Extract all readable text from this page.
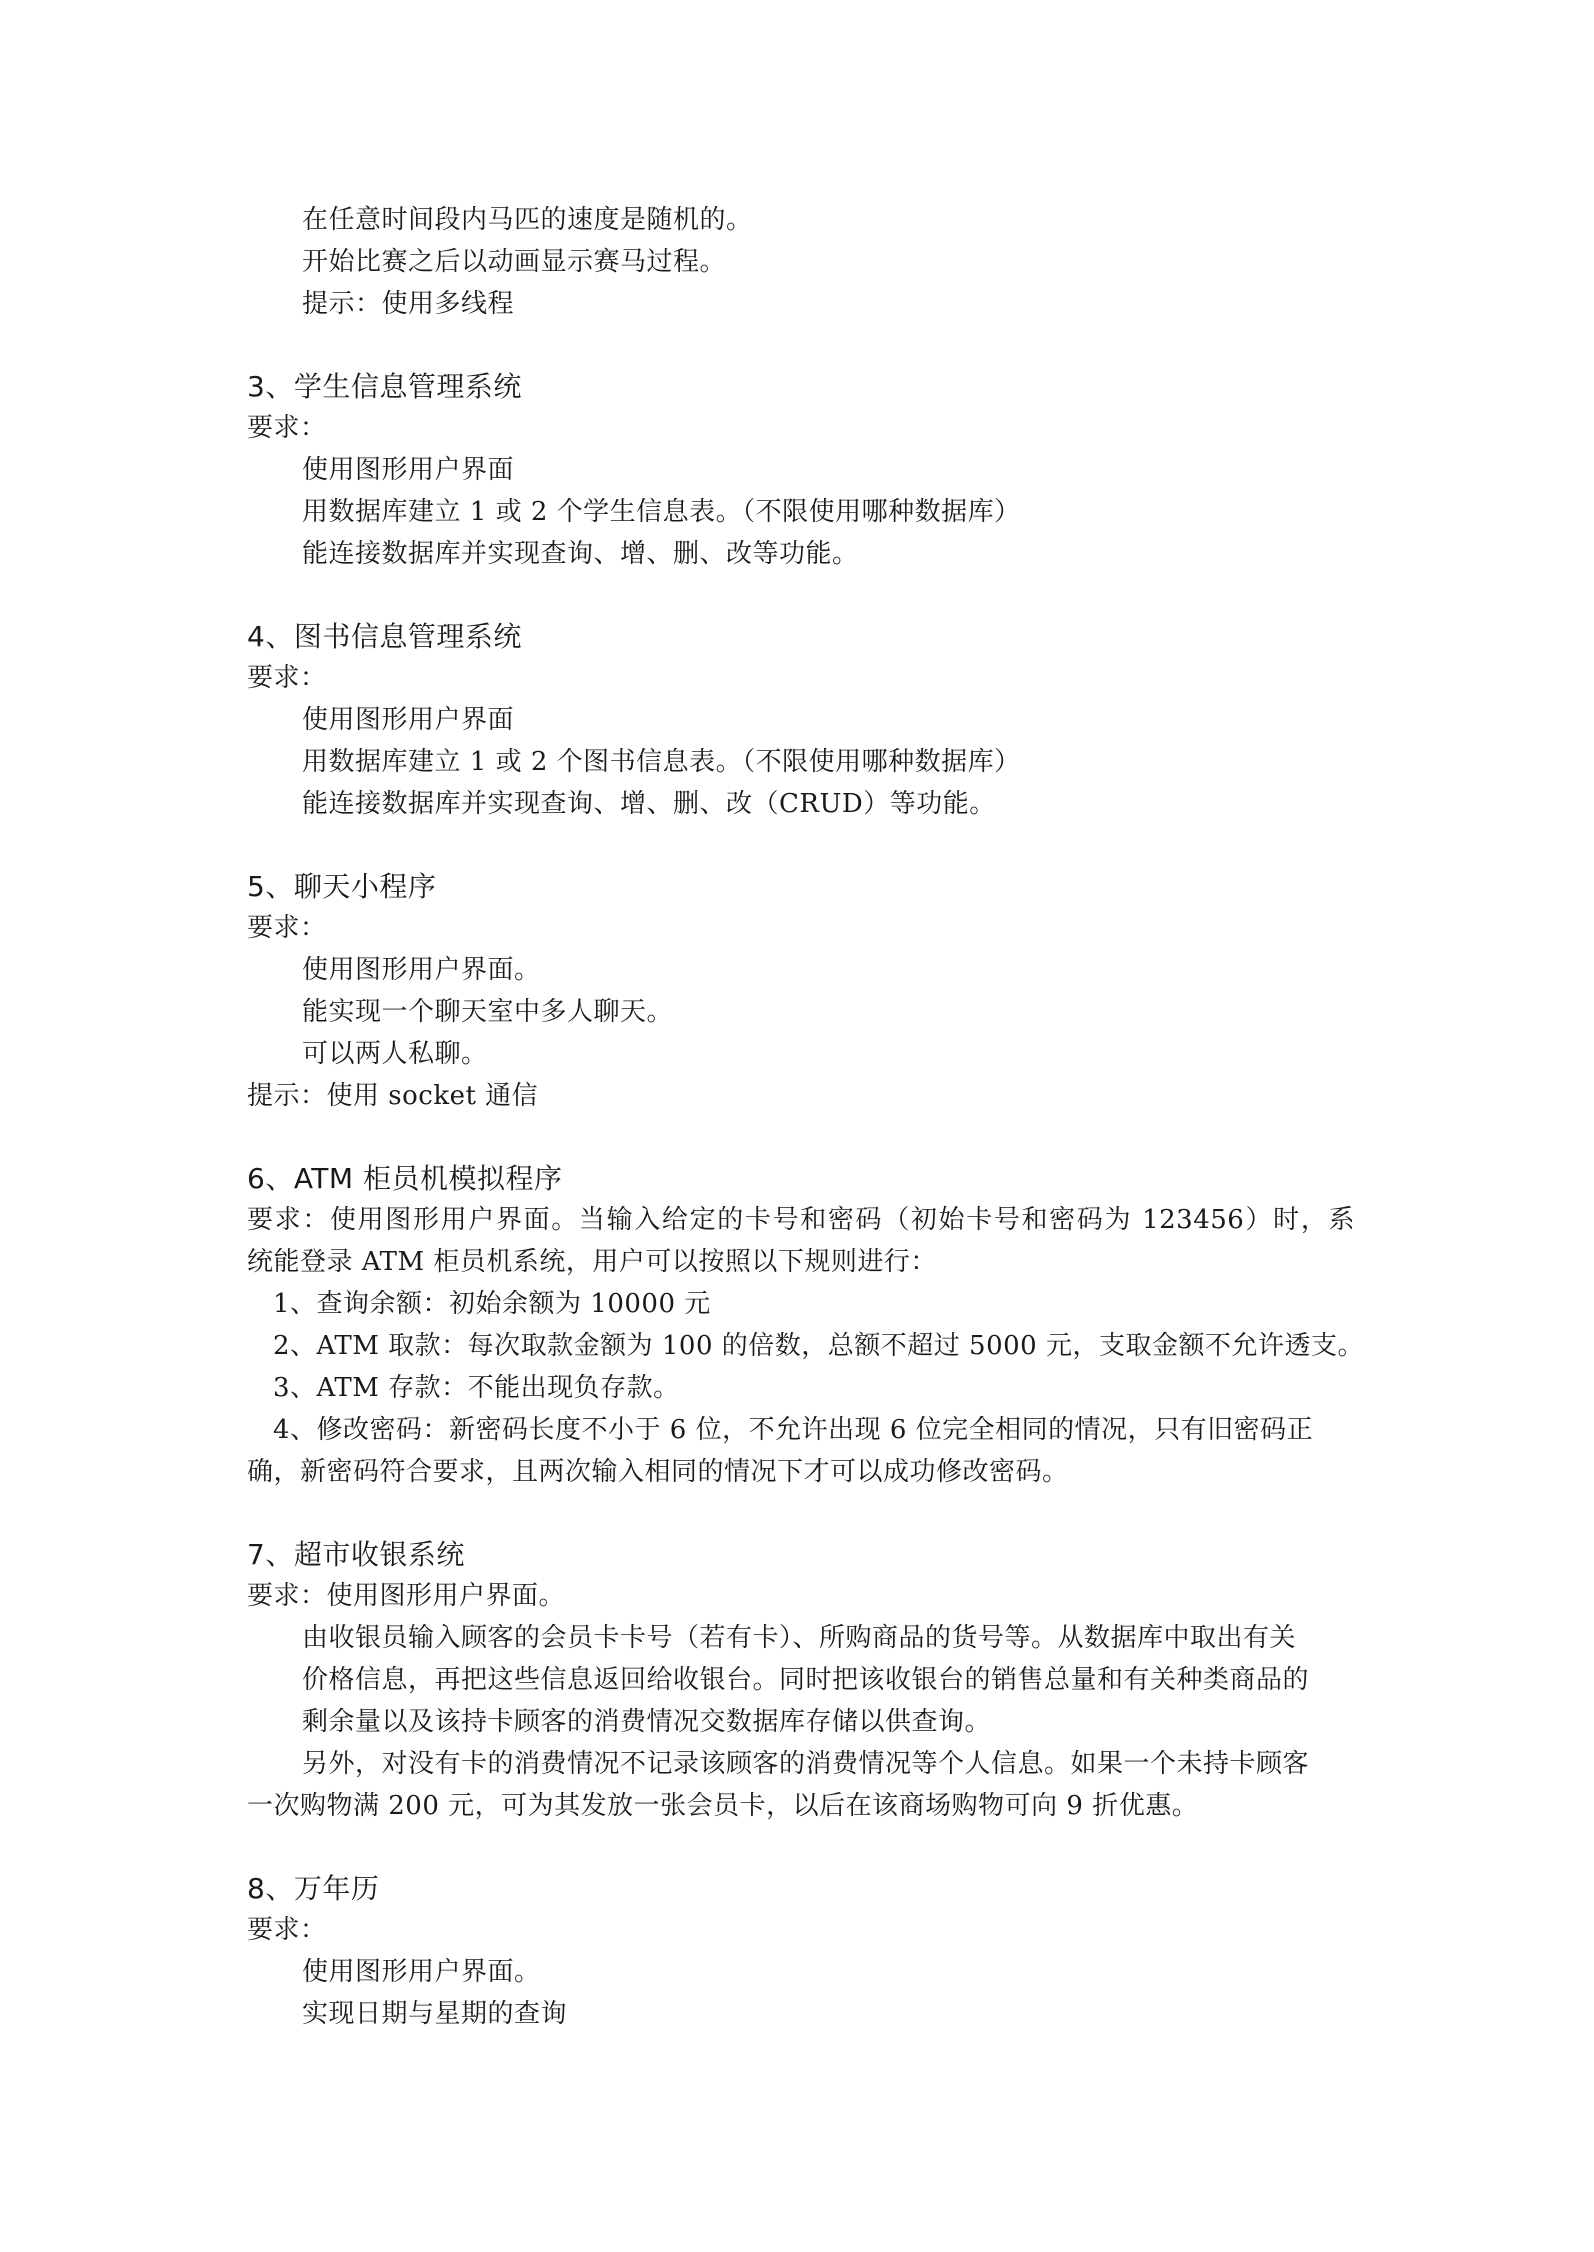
在任意时间段内马匹的速度是随机的。
开始比赛之后以动画显示赛马过程。
提示：使用多线程
3、学生信息管理系统
要求：
使用图形用户界面
用数据库建立 1 或 2 个学生信息表。（不限使用哪种数据库）
能连接数据库并实现查询、增、删、改等功能。
4、图书信息管理系统
要求：
使用图形用户界面
用数据库建立 1 或 2 个图书信息表。（不限使用哪种数据库）
能连接数据库并实现查询、增、删、改（CRUD）等功能。
5、聊天小程序
要求：
使用图形用户界面。
能实现一个聊天室中多人聊天。
可以两人私聊。
提示：使用 socket 通信
6、ATM 柜员机模拟程序
要求：使用图形用户界面。当输入给定的卡号和密码（初始卡号和密码为 123456）时，系
统能登录 ATM 柜员机系统，用户可以按照以下规则进行：
1、查询余额：初始余额为 10000 元
2、ATM 取款：每次取款金额为 100 的倍数，总额不超过 5000 元，支取金额不允许透支。
3、ATM 存款：不能出现负存款。
4、修改密码：新密码长度不小于 6 位，不允许出现 6 位完全相同的情况，只有旧密码正
确，新密码符合要求，且两次输入相同的情况下才可以成功修改密码。
7、超市收银系统
要求：使用图形用户界面。
由收银员输入顾客的会员卡卡号（若有卡）、所购商品的货号等。从数据库中取出有关
价格信息，再把这些信息返回给收银台。同时把该收银台的销售总量和有关种类商品的
剩余量以及该持卡顾客的消费情况交数据库存储以供查询。
另外，对没有卡的消费情况不记录该顾客的消费情况等个人信息。如果一个未持卡顾客
一次购物满 200 元，可为其发放一张会员卡，以后在该商场购物可向 9 折优惠。
8、万年历
要求：
使用图形用户界面。
实现日期与星期的查询
